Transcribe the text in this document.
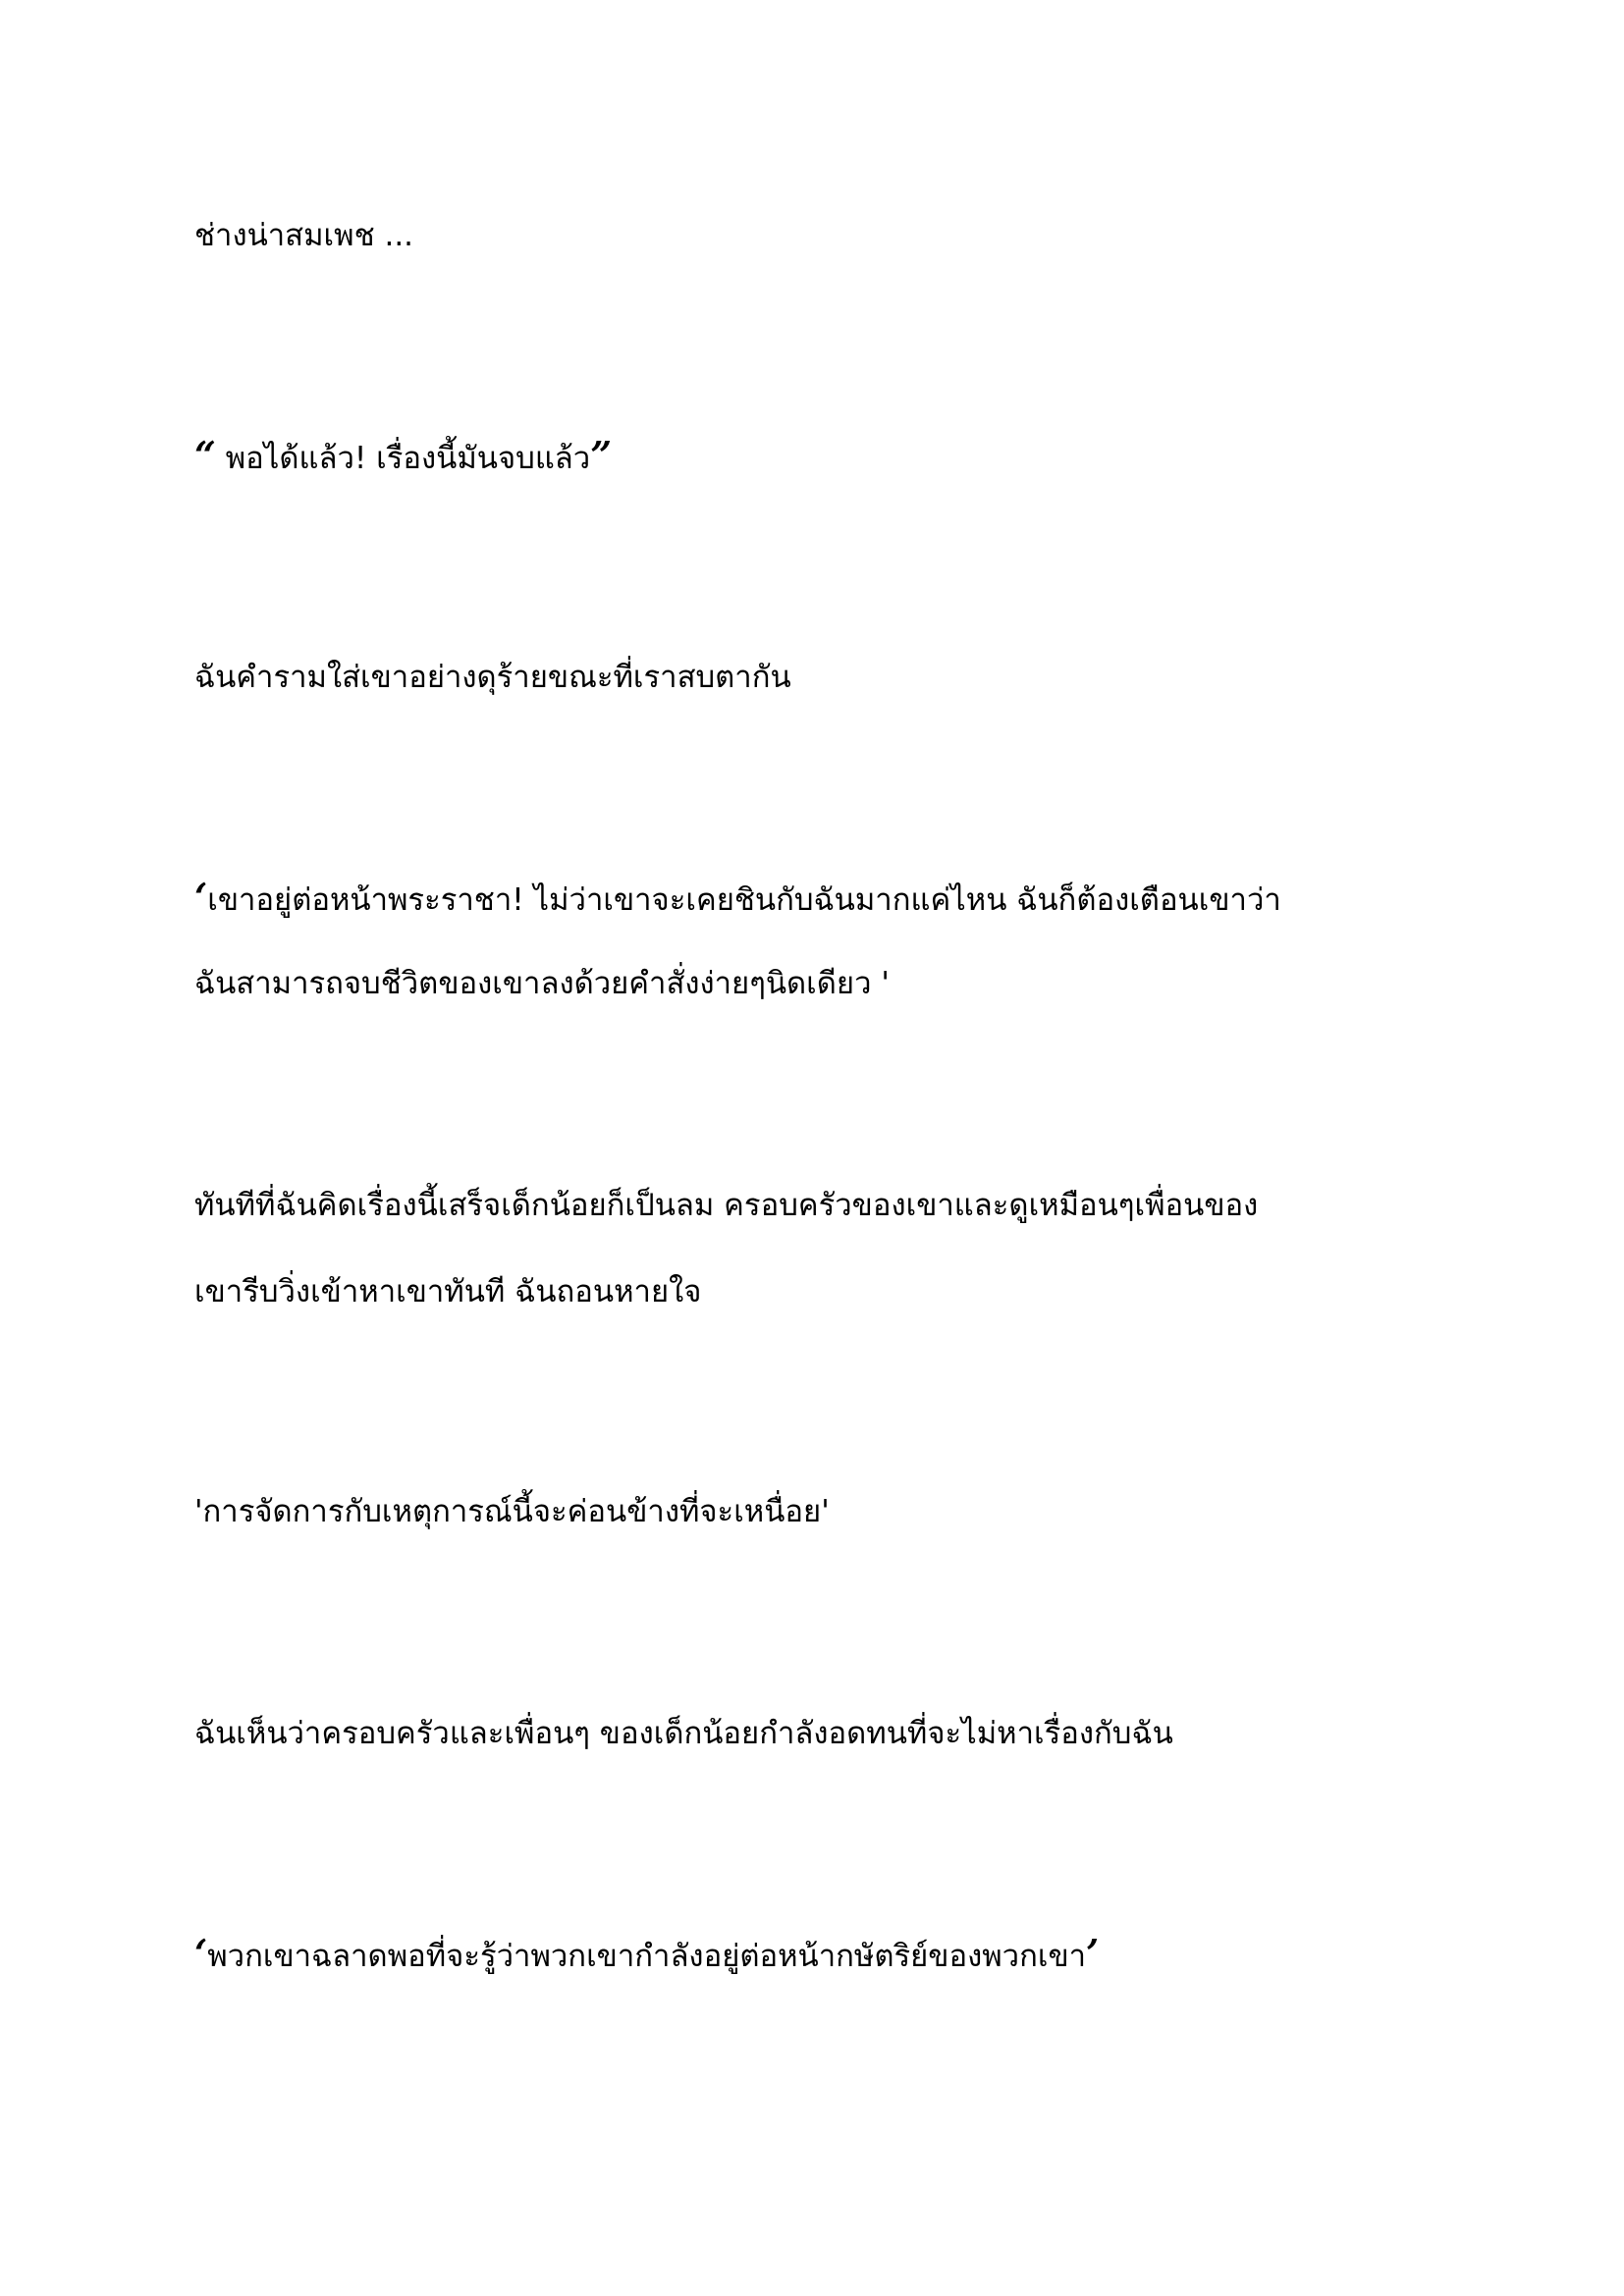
ช่างน่าสมเพช ...

“ พอได้แล้ว! เรื่องนี้มันจบแล้ว”

ฉันคำรามใส่เขาอย่างดุร้ายขณะที่เราสบตากัน

‘เขาอยู่ต่อหน้าพระราชา! ไม่ว่าเขาจะเคยชินกับฉันมากแค่ไหน ฉันก็ต้องเตือนเขาว่า

ฉันสามารถจบชีวิตของเขาลงด้วยคำสั่งง่ายๆนิดเดียว '

ทันทีที่ฉันคิดเรื่องนี้เสร็จเด็กน้อยก็เป็นลม ครอบครัวของเขาและดูเหมือนๆเพื่อนของ

เขารีบวิ่งเข้าหาเขาทันที ฉันถอนหายใจ

'การจัดการกับเหตุการณ์นี้จะค่อนข้างที่จะเหนื่อย'

ฉันเห็นว่าครอบครัวและเพื่อนๆ ของเด็กน้อยกำลังอดทนที่จะไม่หาเรื่องกับฉัน

‘พวกเขาฉลาดพอที่จะรู้ว่าพวกเขากำลังอยู่ต่อหน้ากษัตริย์ของพวกเขา’
